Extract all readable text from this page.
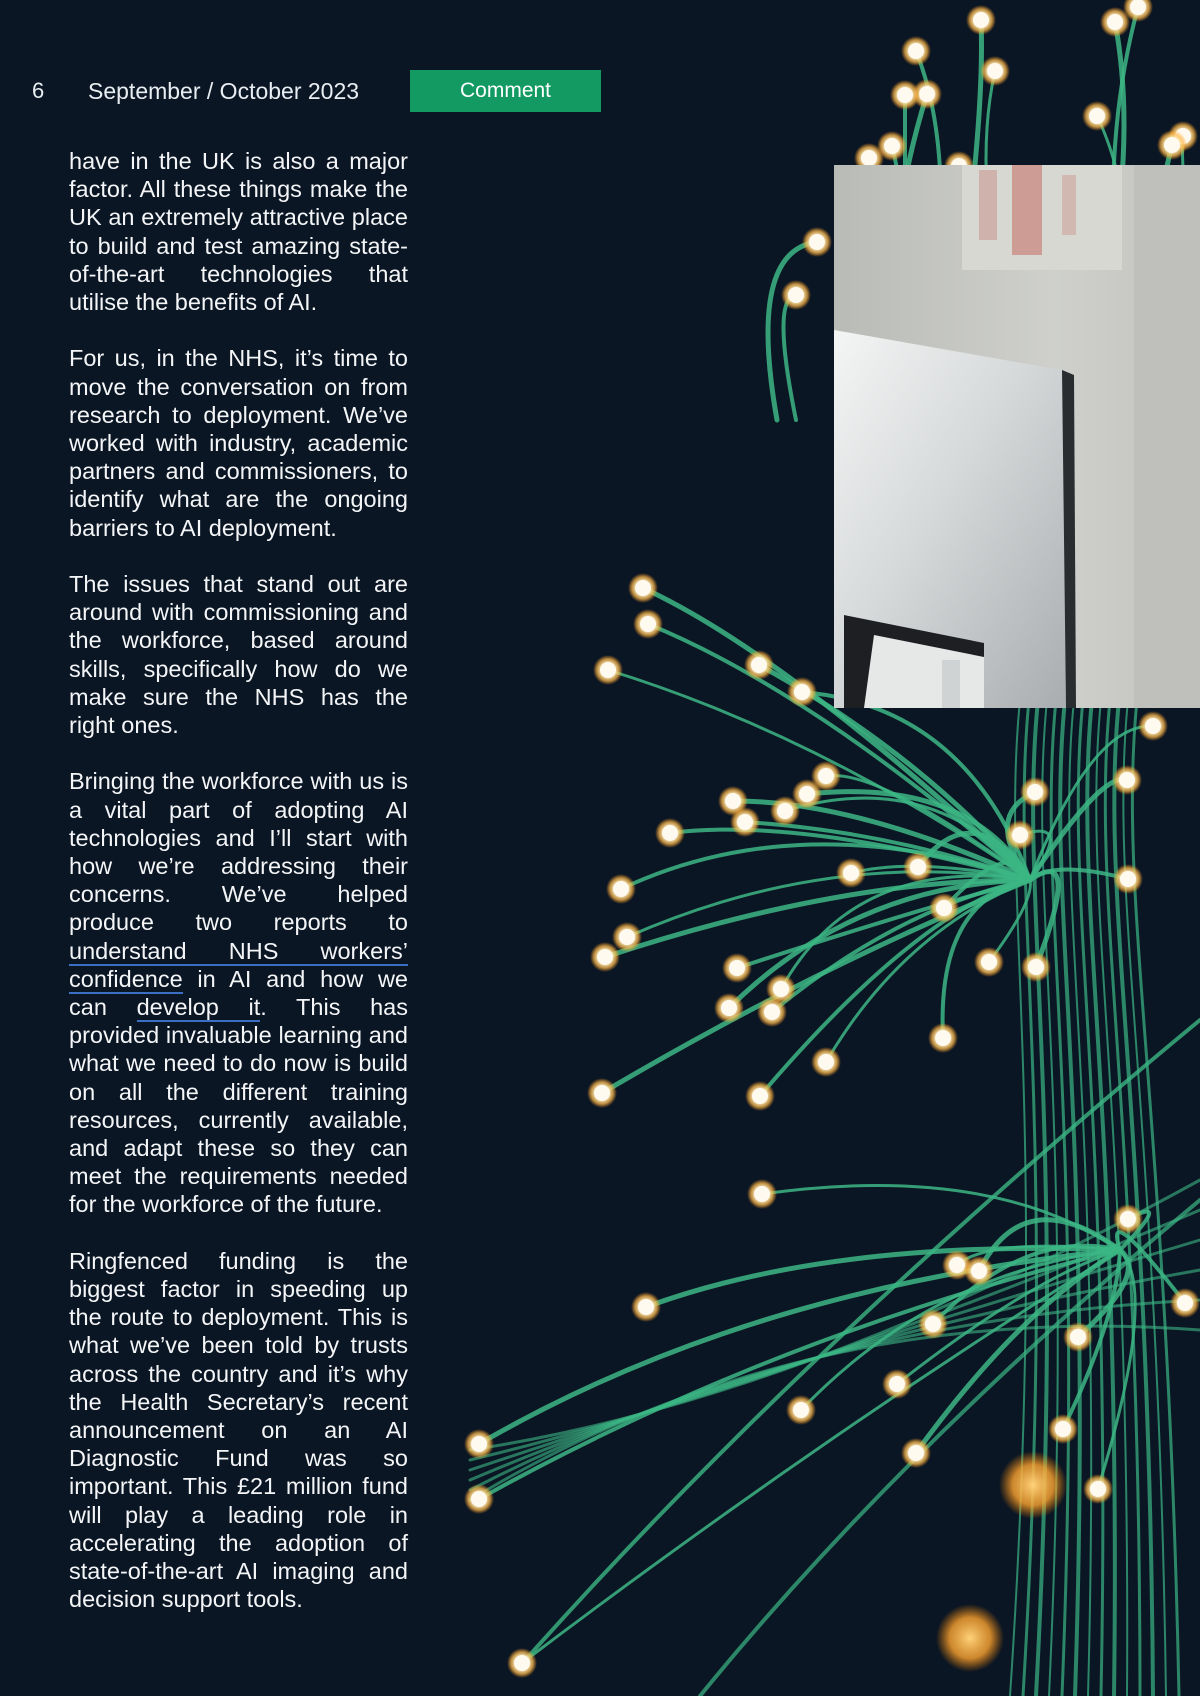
6 September / October 2023	Comment

have in the UK is also a major factor. All these things make the UK an extremely attractive place to build and test amazing state-of-the-art technologies that utilise the benefits of AI.

For us, in the NHS, it’s time to move the conversation on from research to deployment. We’ve worked with industry, academic partners and commissioners, to identify what are the ongoing barriers to AI deployment.

The issues that stand out are around with commissioning and the workforce, based around skills, specifically how do we make sure the NHS has the right ones.

Bringing the workforce with us is a vital part of adopting AI technologies and I’ll start with how we’re addressing their concerns. We’ve helped produce two reports to understand NHS workers’ confidence in AI and how we can develop it. This has provided invaluable learning and what we need to do now is build on all the different training resources, currently available, and adapt these so they can meet the requirements needed for the workforce of the future.

Ringfenced funding is the biggest factor in speeding up the route to deployment. This is what we’ve been told by trusts across the country and it’s why the Health Secretary’s recent announcement on an AI Diagnostic Fund was so important. This £21 million fund will play a leading role in accelerating the adoption of state-of-the-art AI imaging and decision support tools.
